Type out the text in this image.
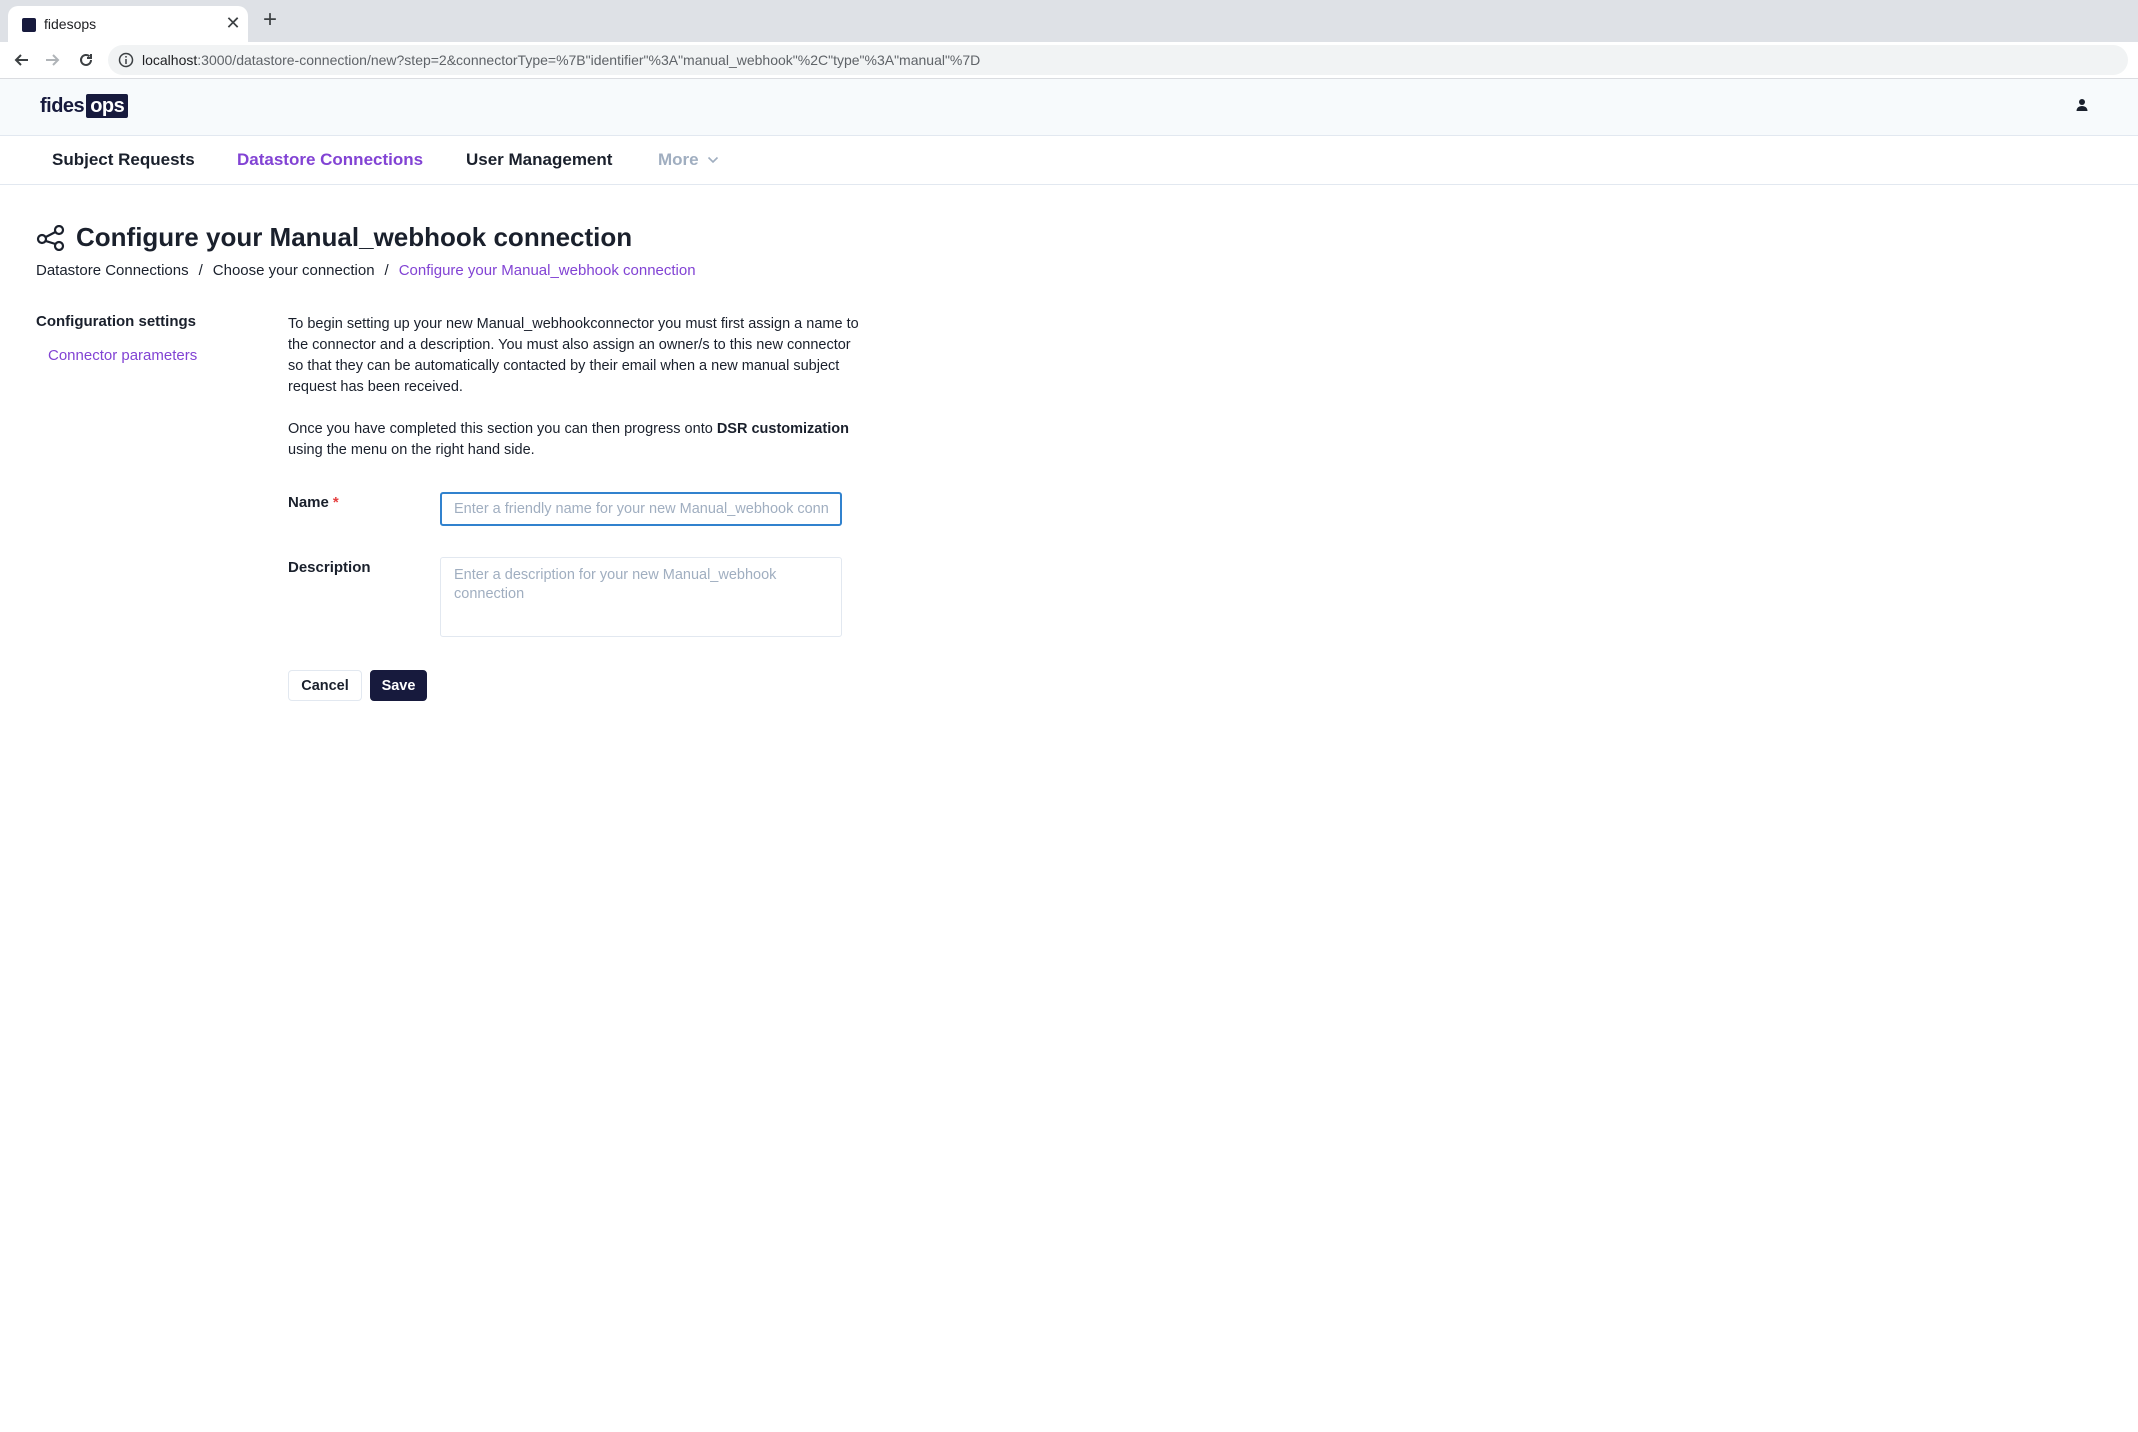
fidesops	✕ +
localhost:3000/datastore-connection/new?step=2&connectorType=%7B"identifier"%3A"manual_webhook"%2C"type"%3A"manual"%7D
fides ops
Subject Requests Datastore Connections	User Management	More
Configure your Manual_webhook connection
Datastore Connections / Choose your connection / Configure your Manual_webhook connection
Configuration settings
Connector parameters

To begin setting up your new Manual_webhookconnector you must first assign a name to the connector and a description. You must also assign an owner/s to this new connector so that they can be automatically contacted by their email when a new manual subject request has been received.

Once you have completed this section you can then progress onto DSR customization using the menu on the right hand side.

Name *
Enter a friendly name for your new Manual_webhook connection
Description
Enter a description for your new Manual_webhook connection
Cancel	Save
